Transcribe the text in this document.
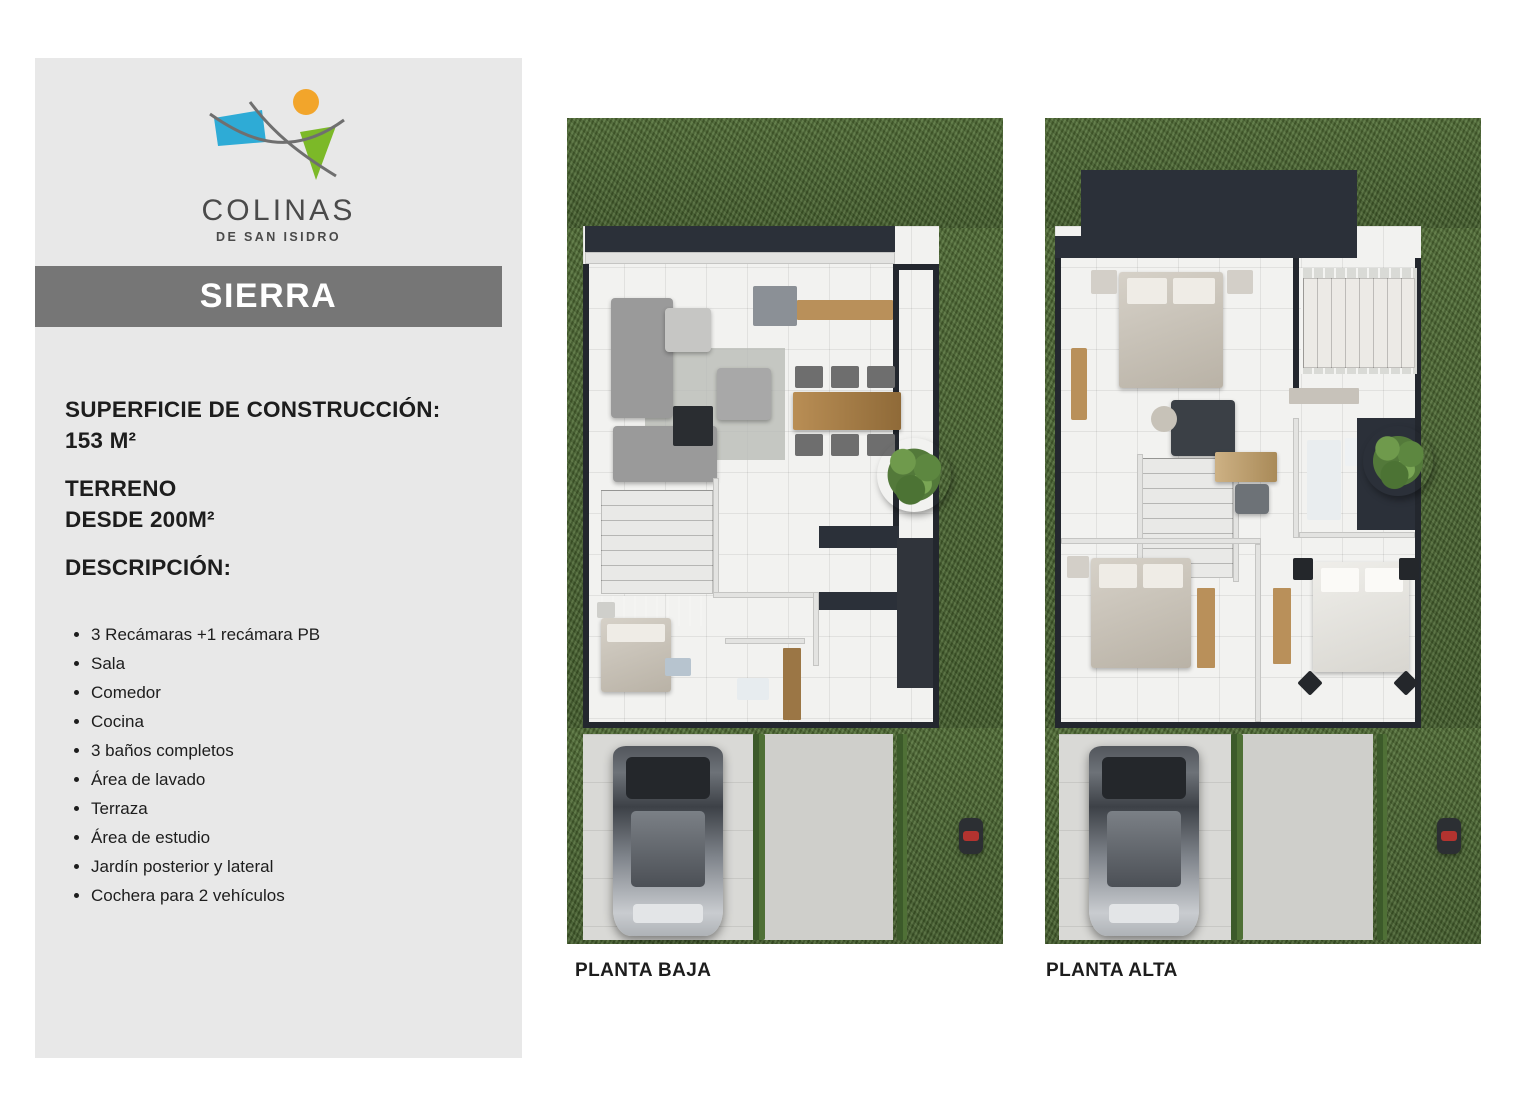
COLINAS
DE SAN ISIDRO
SIERRA
SUPERFICIE DE CONSTRUCCIÓN:
153 M²
TERRENO
DESDE 200M²
DESCRIPCIÓN:
3 Recámaras +1 recámara PB
Sala
Comedor
Cocina
3 baños completos
Área de lavado
Terraza
Área de estudio
Jardín posterior y lateral
Cochera para 2 vehículos
PLANTA BAJA	PLANTA ALTA
